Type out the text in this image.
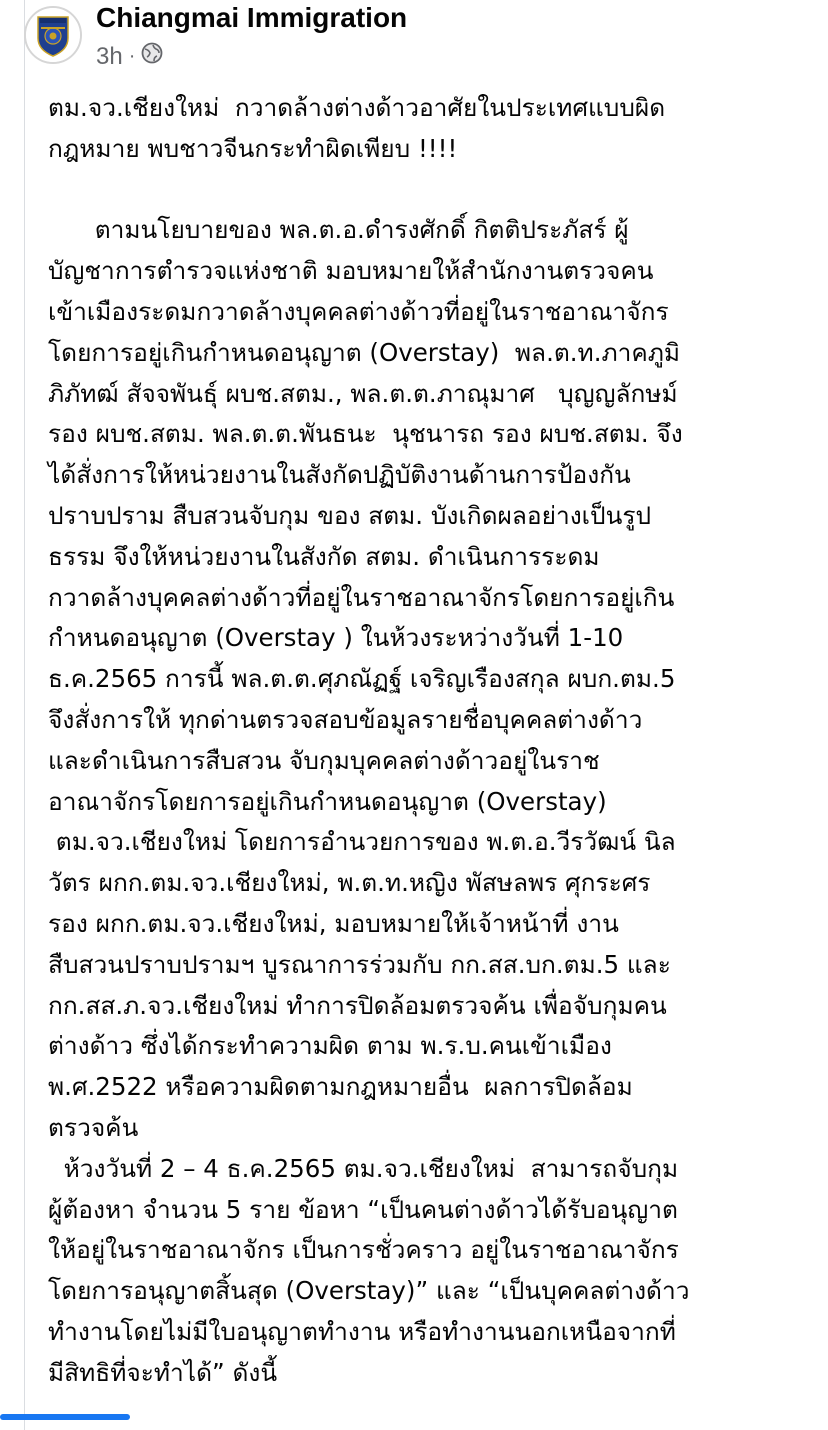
Chiangmai Immigration
3h ·
ตม.จว.เชียงใหม่  กวาดล้างต่างด้าวอาศัยในประเทศแบบผิด
กฎหมาย พบชาวจีนกระทำผิดเพียบ !!!!
ตามนโยบายของ พล.ต.อ.ดำรงศักดิ์ กิตติประภัสร์ ผู้
บัญชาการตำรวจแห่งชาติ มอบหมายให้สำนักงานตรวจคน
เข้าเมืองระดมกวาดล้างบุคคลต่างด้าวที่อยู่ในราชอาณาจักร
โดยการอยู่เกินกำหนดอนุญาต (Overstay)  พล.ต.ท.ภาคภูมิ
ภิภัทฒ์ สัจจพันธุ์ ผบช.สตม., พล.ต.ต.ภาณุมาศ   บุญญลักษม์
รอง ผบช.สตม. พล.ต.ต.พันธนะ  นุชนารถ รอง ผบช.สตม. จึง
ได้สั่งการให้หน่วยงานในสังกัดปฏิบัติงานด้านการป้องกัน
ปราบปราม สืบสวนจับกุม ของ สตม. บังเกิดผลอย่างเป็นรูป
ธรรม จึงให้หน่วยงานในสังกัด สตม. ดำเนินการระดม
กวาดล้างบุคคลต่างด้าวที่อยู่ในราชอาณาจักรโดยการอยู่เกิน
กำหนดอนุญาต (Overstay ) ในห้วงระหว่างวันที่ 1-10
ธ.ค.2565 การนี้ พล.ต.ต.ศุภณัฏฐ์ เจริญเรืองสกุล ผบก.ตม.5
จึงสั่งการให้ ทุกด่านตรวจสอบข้อมูลรายชื่อบุคคลต่างด้าว
และดำเนินการสืบสวน จับกุมบุคคลต่างด้าวอยู่ในราช
อาณาจักรโดยการอยู่เกินกำหนดอนุญาต (Overstay)
ตม.จว.เชียงใหม่ โดยการอำนวยการของ พ.ต.อ.วีรวัฒน์ นิล
วัตร ผกก.ตม.จว.เชียงใหม่, พ.ต.ท.หญิง พัสษลพร ศุกระศร
รอง ผกก.ตม.จว.เชียงใหม่, มอบหมายให้เจ้าหน้าที่ งาน
สืบสวนปราบปรามฯ บูรณาการร่วมกับ กก.สส.บก.ตม.5 และ
กก.สส.ภ.จว.เชียงใหม่ ทำการปิดล้อมตรวจค้น เพื่อจับกุมคน
ต่างด้าว ซึ่งได้กระทำความผิด ตาม พ.ร.บ.คนเข้าเมือง
พ.ศ.2522 หรือความผิดตามกฎหมายอื่น  ผลการปิดล้อม
ตรวจค้น
ห้วงวันที่ 2 – 4 ธ.ค.2565 ตม.จว.เชียงใหม่  สามารถจับกุม
ผู้ต้องหา จำนวน 5 ราย ข้อหา “เป็นคนต่างด้าวได้รับอนุญาต
ให้อยู่ในราชอาณาจักร เป็นการชั่วคราว อยู่ในราชอาณาจักร
โดยการอนุญาตสิ้นสุด (Overstay)” และ “เป็นบุคคลต่างด้าว
ทำงานโดยไม่มีใบอนุญาตทำงาน หรือทำงานนอกเหนือจากที่
มีสิทธิที่จะทำได้” ดังนี้
